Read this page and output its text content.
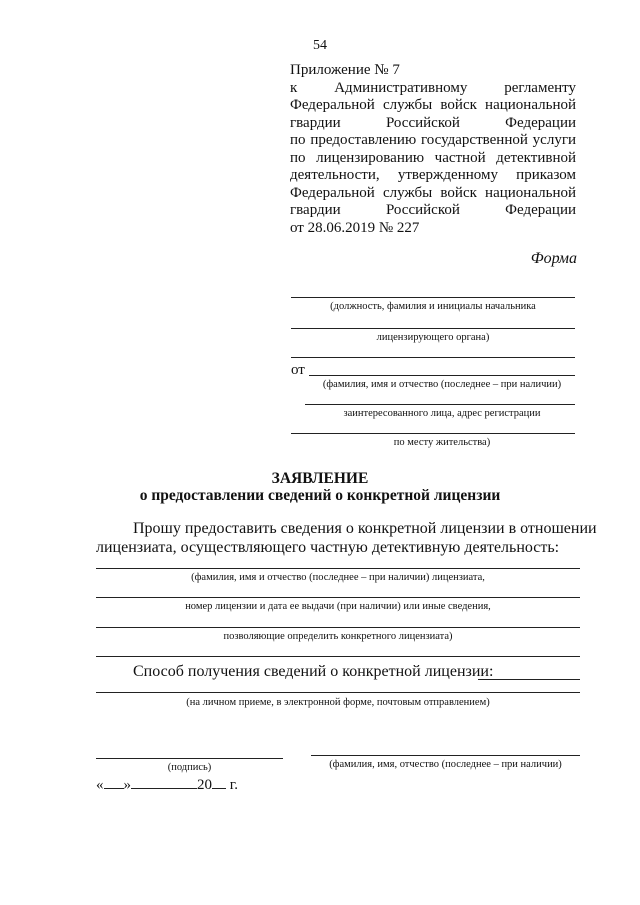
54
Приложение № 7
к Административному регламенту
Федеральной службы войск национальной
гвардии Российской Федерации
по предоставлению государственной услуги
по лицензированию частной детективной
деятельности, утвержденному приказом
Федеральной службы войск национальной
гвардии Российской Федерации
от 28.06.2019 № 227
Форма
(должность, фамилия и инициалы начальника
лицензирующего органа)
от
(фамилия, имя и отчество (последнее – при наличии)
заинтересованного лица, адрес регистрации
по месту жительства)
ЗАЯВЛЕНИЕ
о предоставлении сведений о конкретной лицензии
Прошу предоставить сведения о конкретной лицензии в отношении
лицензиата, осуществляющего частную детективную деятельность:
(фамилия, имя и отчество (последнее – при наличии) лицензиата,
номер лицензии и дата ее выдачи (при наличии) или иные сведения,
позволяющие определить конкретного лицензиата)
Способ получения сведений о конкретной лицензии:
(на личном приеме, в электронной форме, почтовым отправлением)
(подпись)	(фамилия, имя, отчество (последнее – при наличии)
« »	20 г.
